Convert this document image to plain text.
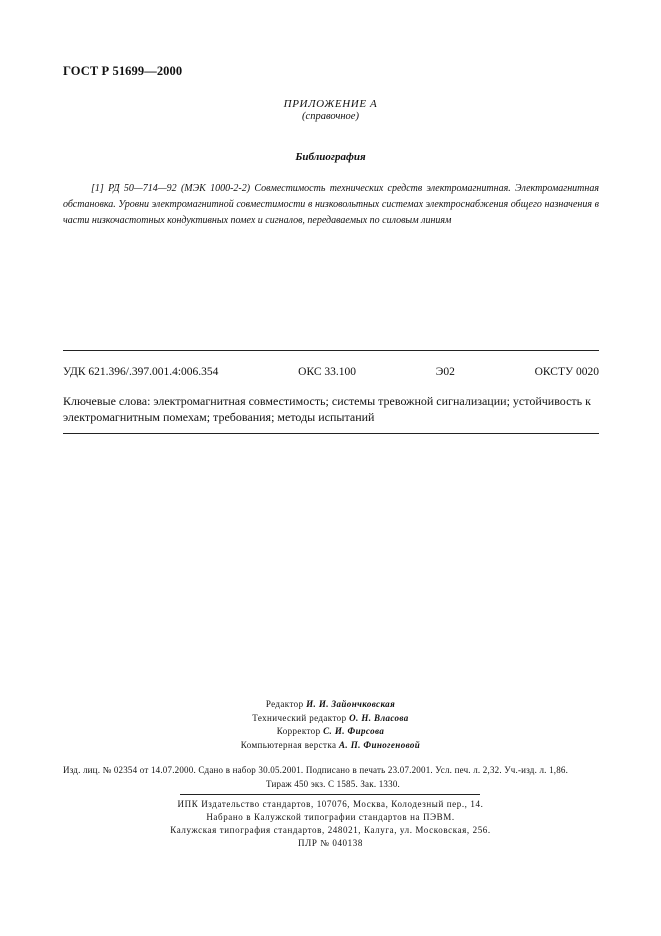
ГОСТ Р 51699—2000
ПРИЛОЖЕНИЕ А
(справочное)
Библиография
[1] РД 50—714—92 (МЭК 1000-2-2) Совместимость технических средств электромагнитная. Электромагнитная обстановка. Уровни электромагнитной совместимости в низковольтных системах электроснабжения общего назначения в части низкочастотных кондуктивных помех и сигналов, передаваемых по силовым линиям
УДК 621.396/.397.001.4:006.354	ОКС 33.100	Э02	ОКСТУ 0020
Ключевые слова: электромагнитная совместимость; системы тревожной сигнализации; устойчивость к электромагнитным помехам; требования; методы испытаний
Редактор И. И. Зайончковская
Технический редактор О. Н. Власова
Корректор С. И. Фирсова
Компьютерная верстка А. П. Финогеновой
Изд. лиц. № 02354 от 14.07.2000. Сдано в набор 30.05.2001. Подписано в печать 23.07.2001. Усл. печ. л. 2,32. Уч.-изд. л. 1,86.
Тираж 450 экз. С 1585. Зак. 1330.
ИПК Издательство стандартов, 107076, Москва, Колодезный пер., 14.
Набрано в Калужской типографии стандартов на ПЭВМ.
Калужская типография стандартов, 248021, Калуга, ул. Московская, 256.
ПЛР № 040138
